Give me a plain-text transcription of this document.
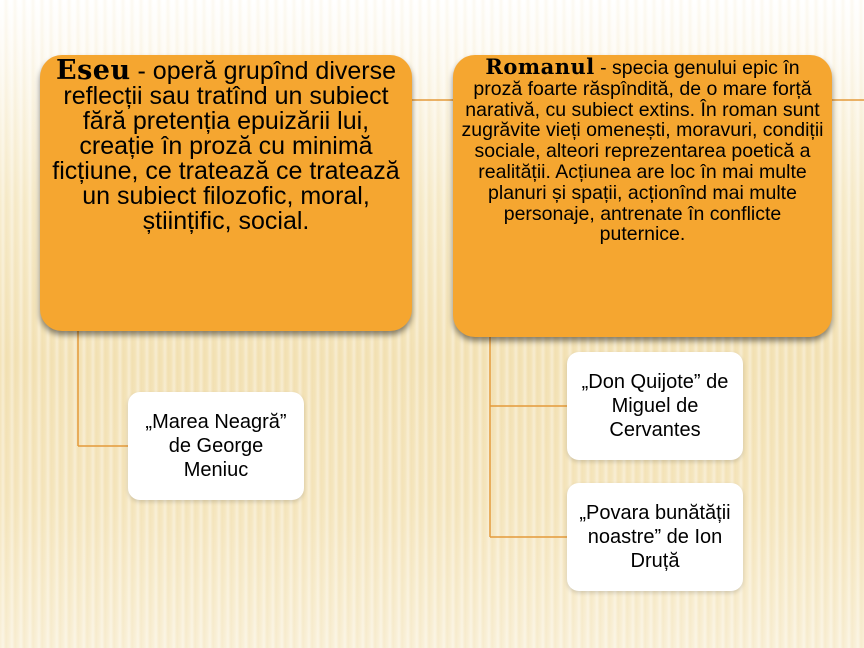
Eseu - operă grupînd diverse reflecții sau tratînd un subiect fără pretenția epuizării lui, creație în proză cu minimă ficțiune, ce tratează ce tratează un subiect filozofic, moral, științific, social.
Romanul - specia genului epic în proză foarte răspîndită, de o mare forță narativă, cu subiect extins. În roman sunt zugrăvite vieți omenești, moravuri, condiții sociale, alteori reprezentarea poetică a realității. Acțiunea are loc în mai multe planuri și spații, acționînd mai multe personaje, antrenate în conflicte puternice.
„Marea Neagră” de George Meniuc
„Don Quijote” de Miguel de Cervantes
„Povara bunătății noastre” de Ion Druță
